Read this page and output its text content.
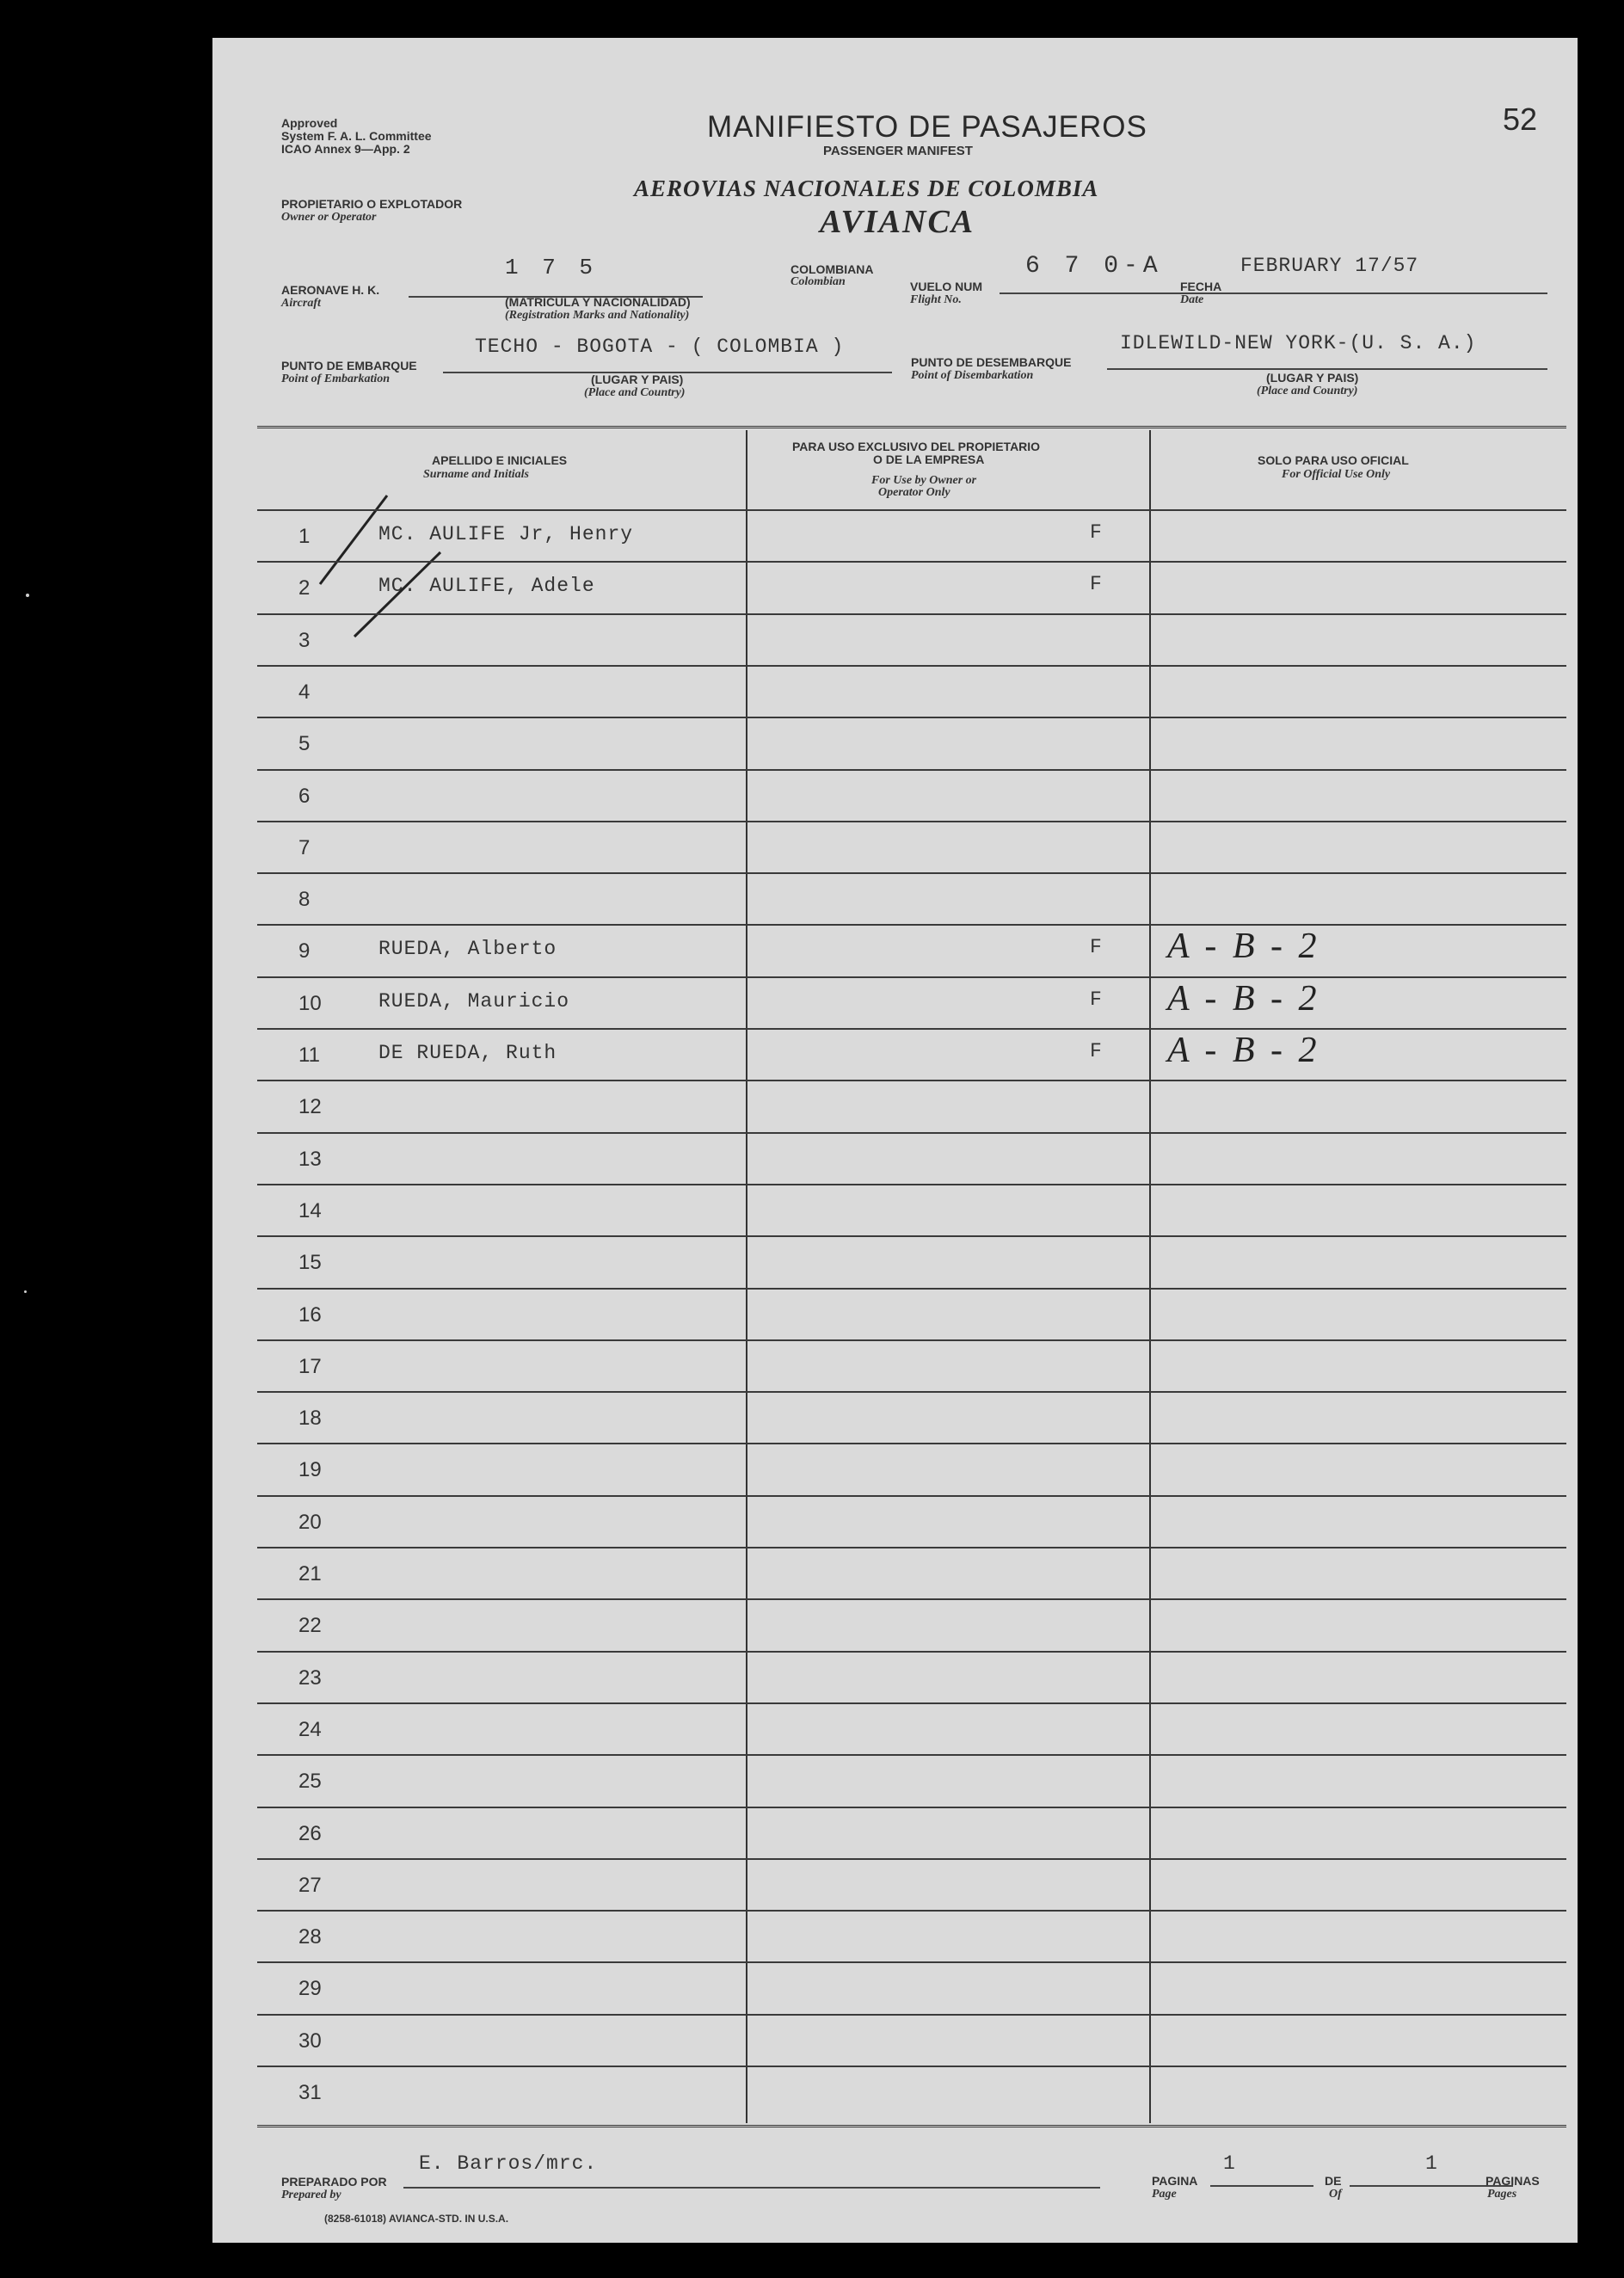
Approved
System F. A. L. Committee
ICAO Annex 9—App. 2
MANIFIESTO DE PASAJEROS
PASSENGER MANIFEST
52
PROPIETARIO O EXPLOTADOR
Owner or Operator
AEROVIAS NACIONALES DE COLOMBIA
AVIANCA
AERONAVE H. K.
Aircraft
1 7 5
(MATRICULA Y NACIONALIDAD)
(Registration Marks and Nationality)
COLOMBIANA
Colombian	VUELO NUM
Flight No.
6 7 0-A
FECHA
Date
FEBRUARY 17/57
PUNTO DE EMBARQUE
Point of Embarkation
TECHO - BOGOTA - ( COLOMBIA )
(LUGAR Y PAIS)
(Place and Country)
PUNTO DE DESEMBARQUE
Point of Disembarkation
IDLEWILD-NEW YORK-(U. S. A.)
(LUGAR Y PAIS)
(Place and Country)
APELLIDO E INICIALES
Surname and Initials
PARA USO EXCLUSIVO DEL PROPIETARIO
O DE LA EMPRESA
For Use by Owner or
Operator Only
SOLO PARA USO OFICIAL
For Official Use Only
1	MC. AULIFE Jr, Henry	F
2	MC. AULIFE, Adele	F
3
4
5
6
7
8
9	RUEDA, Alberto	F A - B - 2
10	RUEDA, Mauricio	F A - B - 2
11	DE RUEDA, Ruth	F A - B - 2
12
13
14
15
16
17
18
19
20
21
22
23
24
25
26
27
28
29
30
31
PREPARADO POR
Prepared by
E. Barros/mrc.
PAGINA
Page
1
DE
Of
1
PAGINAS
Pages
(8258-61018) AVIANCA-STD. IN U.S.A.
